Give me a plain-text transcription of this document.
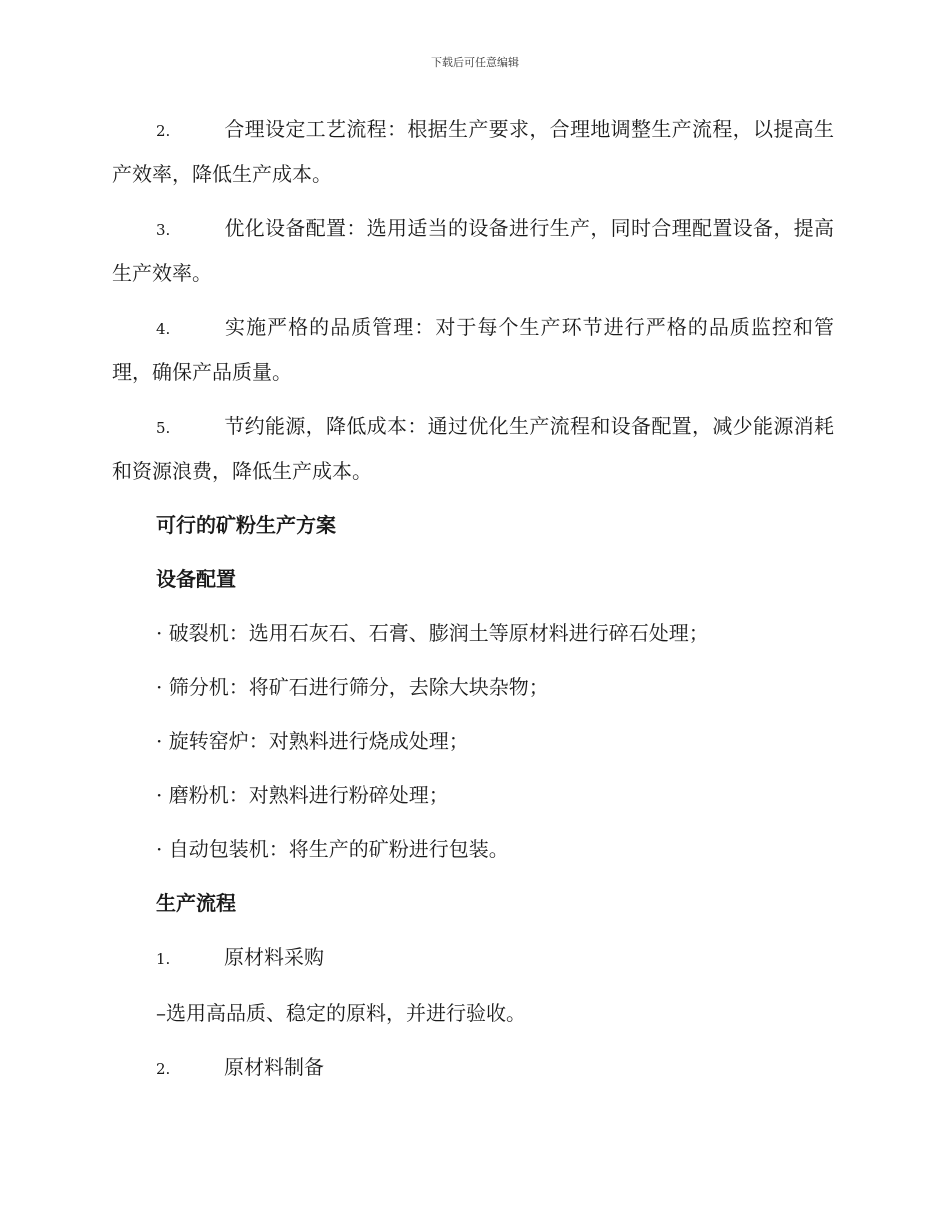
下载后可任意编辑

2.	合理设定工艺流程：根据生产要求，合理地调整生产流程，以提高生产效率，降低生产成本。

3.	优化设备配置：选用适当的设备进行生产，同时合理配置设备，提高生产效率。

4.	实施严格的品质管理：对于每个生产环节进行严格的品质监控和管理，确保产品质量。

5.	节约能源，降低成本：通过优化生产流程和设备配置，减少能源消耗和资源浪费，降低生产成本。

可行的矿粉生产方案

设备配置

· 破裂机：选用石灰石、石膏、膨润土等原材料进行碎石处理；

· 筛分机：将矿石进行筛分，去除大块杂物；

· 旋转窑炉：对熟料进行烧成处理；

· 磨粉机：对熟料进行粉碎处理；

· 自动包装机：将生产的矿粉进行包装。

生产流程

1.	原材料采购

–选用高品质、稳定的原料，并进行验收。

2.	原材料制备
